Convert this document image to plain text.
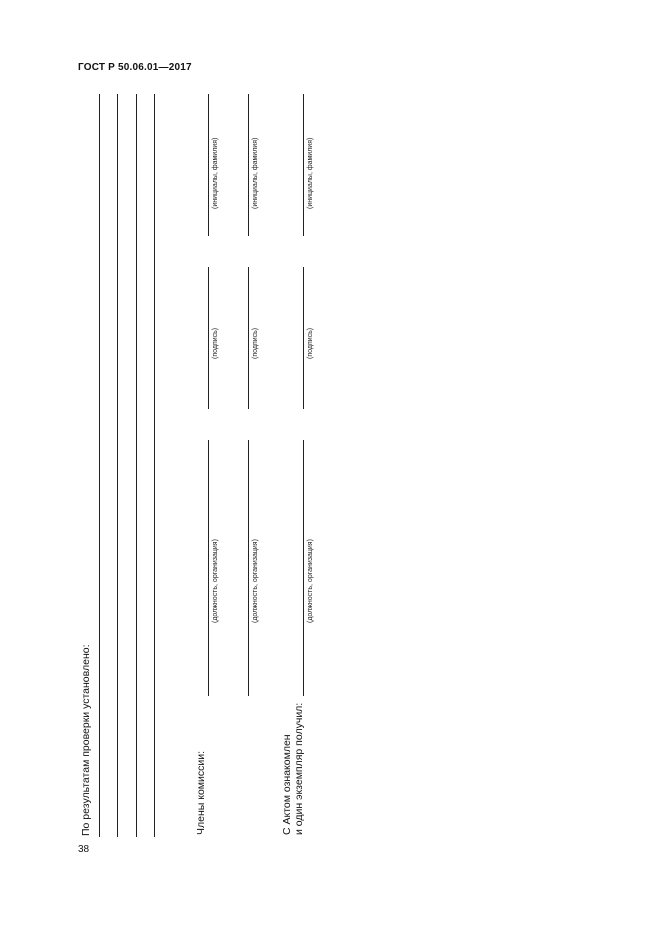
ГОСТ Р 50.06.01—2017
По результатам проверки установлено:	Члены комиссии:	С Актом ознакомлен и один экземпляр получил:
(должность, организация)
(подпись)
(инициалы, фамилия)
(должность, организация)
(подпись)
(инициалы, фамилия)
(должность, организация)
(подпись)
(инициалы, фамилия)
38
